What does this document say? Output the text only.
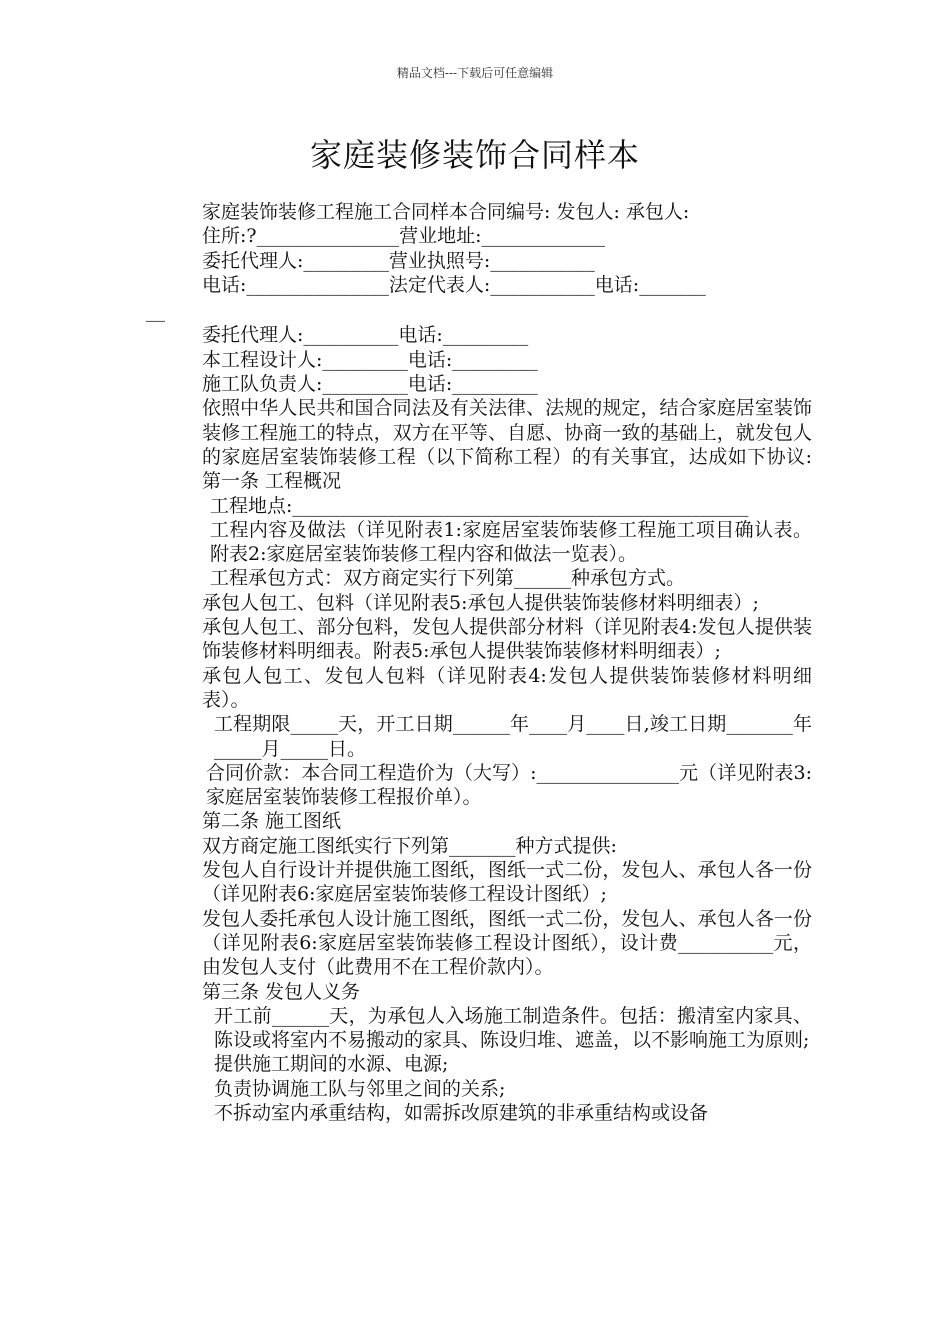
精品文档---下载后可任意编辑
家庭装修装饰合同样本

家庭装饰装修工程施工合同样本合同编号: 发包人: 承包人:

住所:?_______________营业地址:_____________

委托代理人:_________营业执照号:___________

电话:_______________法定代表人:___________电话:_______

__

委托代理人:__________电话:_________

本工程设计人:_________电话:_________

施工队负责人:_________电话:_________

依照中华人民共和国合同法及有关法律、法规的规定，结合家庭居室装饰装修工程施工的特点，双方在平等、自愿、协商一致的基础上，就发包人的家庭居室装饰装修工程（以下简称工程）的有关事宜，达成如下协议: 第一条 工程概况

工程地点:________________________________________________

工程内容及做法（详见附表1:家庭居室装饰装修工程施工项目确认表。附表2:家庭居室装饰装修工程内容和做法一览表）。

工程承包方式：双方商定实行下列第______种承包方式。

承包人包工、包料（详见附表5:承包人提供装饰装修材料明细表）;

承包人包工、部分包料，发包人提供部分材料（详见附表4:发包人提供装饰装修材料明细表。附表5:承包人提供装饰装修材料明细表）;

承包人包工、发包人包料（详见附表4:发包人提供装饰装修材料明细表）。

工程期限_____天，开工日期______年____月____日,竣工日期_______年_____月_____日。

合同价款：本合同工程造价为（大写）:_______________元（详见附表3:家庭居室装饰装修工程报价单）。

第二条 施工图纸

双方商定施工图纸实行下列第_______种方式提供:

发包人自行设计并提供施工图纸，图纸一式二份，发包人、承包人各一份（详见附表6:家庭居室装饰装修工程设计图纸）;

发包人委托承包人设计施工图纸，图纸一式二份，发包人、承包人各一份（详见附表6:家庭居室装饰装修工程设计图纸），设计费__________元，由发包人支付（此费用不在工程价款内）。

第三条 发包人义务

开工前______天，为承包人入场施工制造条件。包括：搬清室内家具、陈设或将室内不易搬动的家具、陈设归堆、遮盖，以不影响施工为原则;

提供施工期间的水源、电源;

负责协调施工队与邻里之间的关系;

不拆动室内承重结构，如需拆改原建筑的非承重结构或设备
